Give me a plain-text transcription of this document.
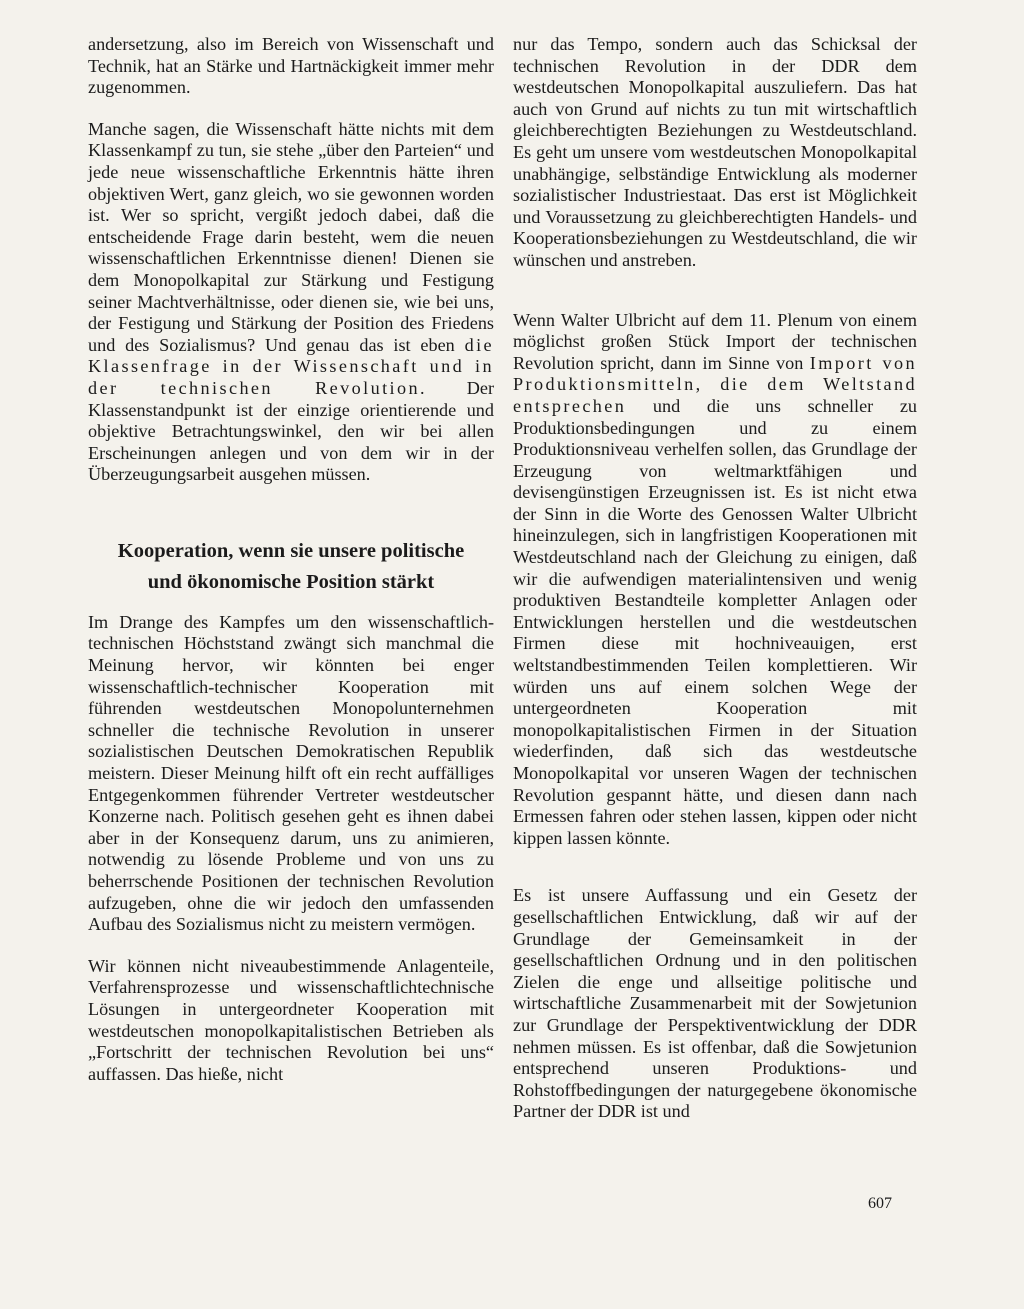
andersetzung, also im Bereich von Wissenschaft und Technik, hat an Stärke und Hartnäckigkeit immer mehr zugenommen.

Manche sagen, die Wissenschaft hätte nichts mit dem Klassenkampf zu tun, sie stehe „über den Parteien“ und jede neue wissenschaftliche Erkenntnis hätte ihren objektiven Wert, ganz gleich, wo sie gewonnen worden ist. Wer so spricht, vergißt jedoch dabei, daß die entscheidende Frage darin besteht, wem die neuen wissenschaftlichen Erkenntnisse dienen! Dienen sie dem Monopolkapital zur Stärkung und Festigung seiner Machtverhältnisse, oder dienen sie, wie bei uns, der Festigung und Stärkung der Position des Friedens und des Sozialismus? Und genau das ist eben die Klassenfrage in der Wissenschaft und in der technischen Revolution. Der Klassenstandpunkt ist der einzige orientierende und objektive Betrachtungswinkel, den wir bei allen Erscheinungen anlegen und von dem wir in der Überzeugungsarbeit ausgehen müssen.

Kooperation, wenn sie unsere politische
und ökonomische Position stärkt

Im Drange des Kampfes um den wissenschaftlich-technischen Höchststand zwängt sich manchmal die Meinung hervor, wir könnten bei enger wissenschaftlich-technischer Kooperation mit führenden westdeutschen Monopolunternehmen schneller die technische Revolution in unserer sozialistischen Deutschen Demokratischen Republik meistern. Dieser Meinung hilft oft ein recht auffälliges Entgegenkommen führender Vertreter westdeutscher Konzerne nach. Politisch gesehen geht es ihnen dabei aber in der Konsequenz darum, uns zu animieren, notwendig zu lösende Probleme und von uns zu beherrschende Positionen der technischen Revolution aufzugeben, ohne die wir jedoch den umfassenden Aufbau des Sozialismus nicht zu meistern vermögen.

Wir können nicht niveaubestimmende Anlagenteile, Verfahrensprozesse und wissenschaftlichtechnische Lösungen in untergeordneter Kooperation mit westdeutschen monopolkapitalistischen Betrieben als „Fortschritt der technischen Revolution bei uns“ auffassen. Das hieße, nicht

nur das Tempo, sondern auch das Schicksal der technischen Revolution in der DDR dem westdeutschen Monopolkapital auszuliefern. Das hat auch von Grund auf nichts zu tun mit wirtschaftlich gleichberechtigten Beziehungen zu Westdeutschland. Es geht um unsere vom westdeutschen Monopolkapital unabhängige, selbständige Entwicklung als moderner sozialistischer Industriestaat. Das erst ist Möglichkeit und Voraussetzung zu gleichberechtigten Handels- und Kooperationsbeziehungen zu Westdeutschland, die wir wünschen und anstreben.

Wenn Walter Ulbricht auf dem 11. Plenum von einem möglichst großen Stück Import der technischen Revolution spricht, dann im Sinne von Import von Produktionsmitteln, die dem Weltstand entsprechen und die uns schneller zu Produktionsbedingungen und zu einem Produktionsniveau verhelfen sollen, das Grundlage der Erzeugung von weltmarktfähigen und devisengünstigen Erzeugnissen ist. Es ist nicht etwa der Sinn in die Worte des Genossen Walter Ulbricht hineinzulegen, sich in langfristigen Kooperationen mit Westdeutschland nach der Gleichung zu einigen, daß wir die aufwendigen materialintensiven und wenig produktiven Bestandteile kompletter Anlagen oder Entwicklungen herstellen und die westdeutschen Firmen diese mit hochniveauigen, erst weltstandbestimmenden Teilen komplettieren. Wir würden uns auf einem solchen Wege der untergeordneten Kooperation mit monopolkapitalistischen Firmen in der Situation wiederfinden, daß sich das westdeutsche Monopolkapital vor unseren Wagen der technischen Revolution gespannt hätte, und diesen dann nach Ermessen fahren oder stehen lassen, kippen oder nicht kippen lassen könnte.

Es ist unsere Auffassung und ein Gesetz der gesellschaftlichen Entwicklung, daß wir auf der Grundlage der Gemeinsamkeit in der gesellschaftlichen Ordnung und in den politischen Zielen die enge und allseitige politische und wirtschaftliche Zusammenarbeit mit der Sowjetunion zur Grundlage der Perspektiventwicklung der DDR nehmen müssen. Es ist offenbar, daß die Sowjetunion entsprechend unseren Produktions- und Rohstoffbedingungen der naturgegebene ökonomische Partner der DDR ist und

607
